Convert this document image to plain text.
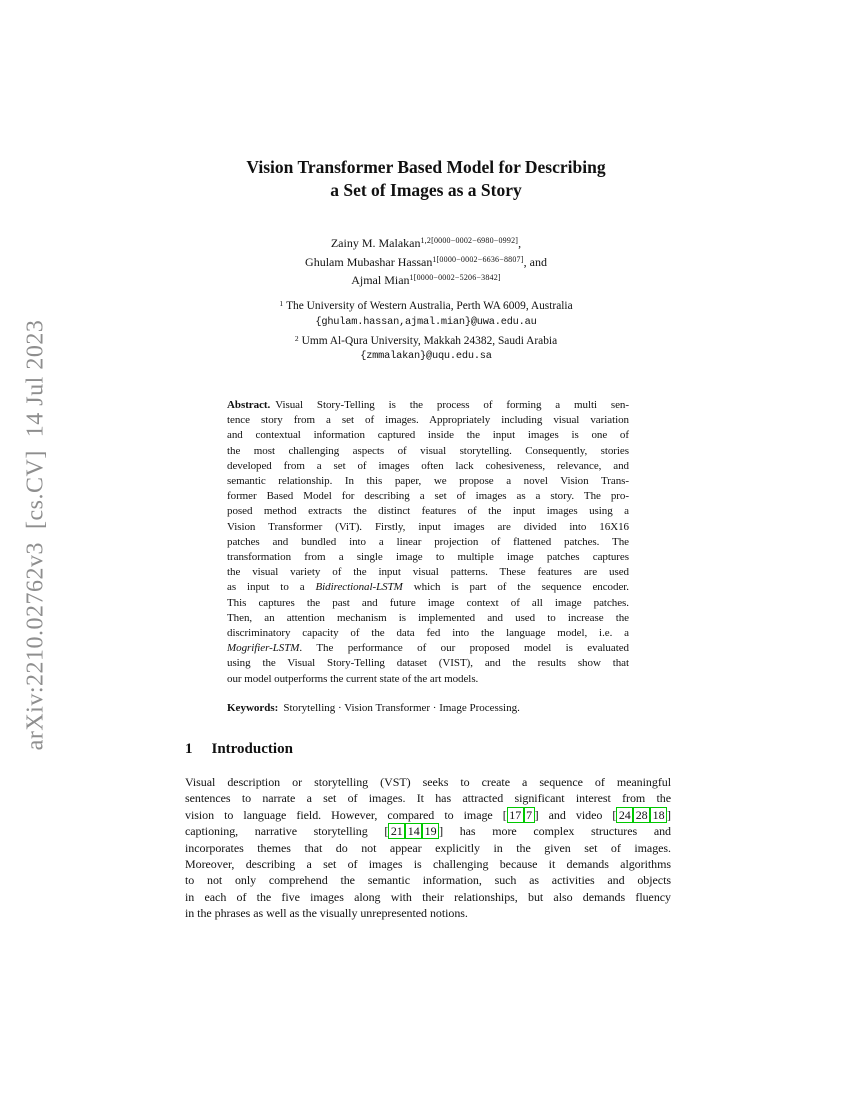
arXiv:2210.02762v3  [cs.CV]  14 Jul 2023
Vision Transformer Based Model for Describing
a Set of Images as a Story
Zainy M. Malakan$^{1,2[0000-0002-6980-0992]}$,
Ghulam Mubashar Hassan$^{1[0000-0002-6636-8807]}$, and
Ajmal Mian$^{1[0000-0002-5206-3842]}$
$^1$ The University of Western Australia, Perth WA 6009, Australia
{ghulam.hassan,ajmal.mian}@uwa.edu.au
$^2$ Umm Al-Qura University, Makkah 24382, Saudi Arabia
{zmmalakan}@uqu.edu.sa
Abstract. Visual Story-Telling is the process of forming a multi sen-
tence story from a set of images. Appropriately including visual variation
and contextual information captured inside the input images is one of
the most challenging aspects of visual storytelling. Consequently, stories
developed from a set of images often lack cohesiveness, relevance, and
semantic relationship. In this paper, we propose a novel Vision Trans-
former Based Model for describing a set of images as a story. The pro-
posed method extracts the distinct features of the input images using a
Vision Transformer (ViT). Firstly, input images are divided into 16X16
patches and bundled into a linear projection of flattened patches. The
transformation from a single image to multiple image patches captures
the visual variety of the input visual patterns. These features are used
as input to a Bidirectional-LSTM which is part of the sequence encoder.
This captures the past and future image context of all image patches.
Then, an attention mechanism is implemented and used to increase the
discriminatory capacity of the data fed into the language model, i.e. a
Mogrifier-LSTM. The performance of our proposed model is evaluated
using the Visual Story-Telling dataset (VIST), and the results show that
our model outperforms the current state of the art models.
Keywords: Storytelling · Vision Transformer · Image Processing.
1 Introduction
Visual description or storytelling (VST) seeks to create a sequence of meaningful
sentences to narrate a set of images. It has attracted significant interest from the
vision to language field. However, compared to image [ 17 7 ] and video [ 24 28 18 ]
captioning, narrative storytelling [ 21 14 19 ] has more complex structures and
incorporates themes that do not appear explicitly in the given set of images.
Moreover, describing a set of images is challenging because it demands algorithms
to not only comprehend the semantic information, such as activities and objects
in each of the five images along with their relationships, but also demands fluency
in the phrases as well as the visually unrepresented notions.
